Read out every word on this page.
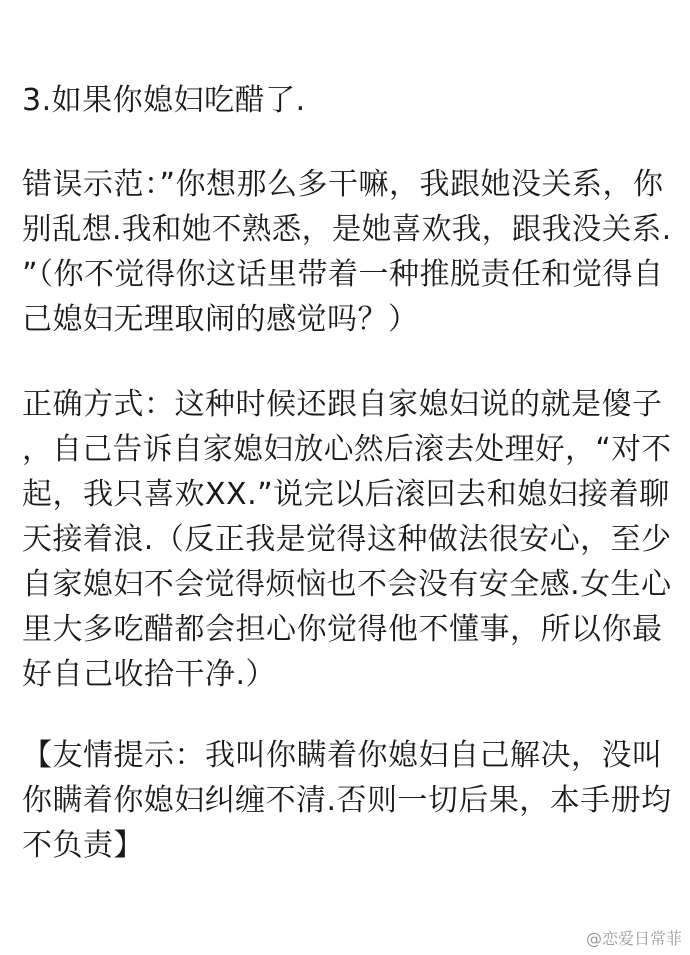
3.如果你媳妇吃醋了.
错误示范：”你想那么多干嘛，我跟她没关系，你
别乱想.我和她不熟悉，是她喜欢我，跟我没关系.
”（你不觉得你这话里带着一种推脱责任和觉得自
己媳妇无理取闹的感觉吗？）
正确方式：这种时候还跟自家媳妇说的就是傻子
，自己告诉自家媳妇放心然后滚去处理好，“对不
起，我只喜欢XX.”说完以后滚回去和媳妇接着聊
天接着浪.（反正我是觉得这种做法很安心，至少
自家媳妇不会觉得烦恼也不会没有安全感.女生心
里大多吃醋都会担心你觉得他不懂事，所以你最
好自己收拾干净.）
【友情提示：我叫你瞒着你媳妇自己解决，没叫
你瞒着你媳妇纠缠不清.否则一切后果，本手册均
不负责】
@恋爱日常菲
